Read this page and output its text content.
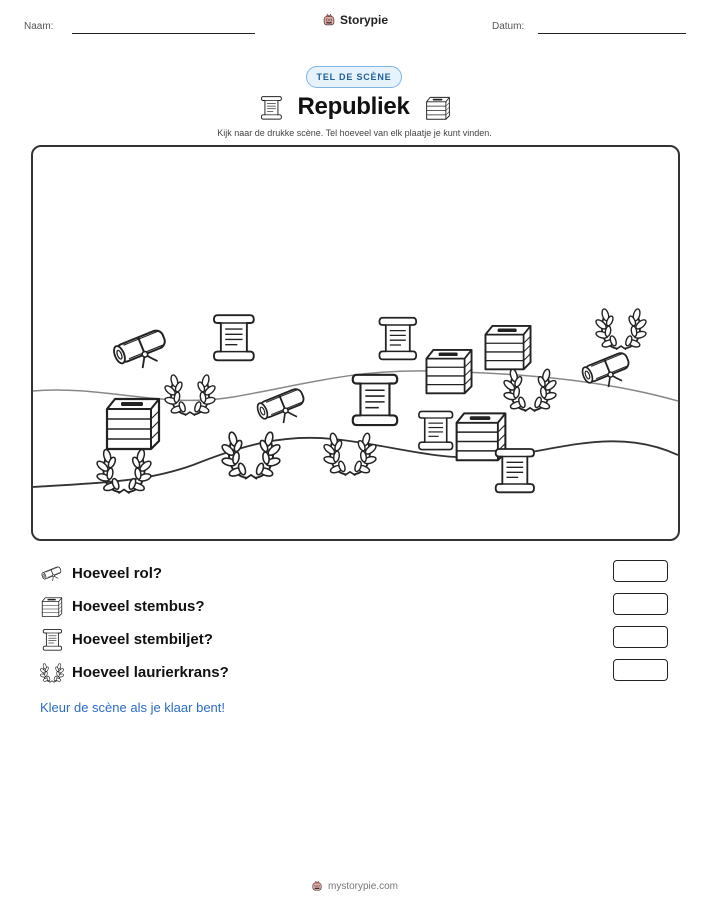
Naam:	Storypie	Datum:
TEL DE SCÈNE
Republiek
Kijk naar de drukke scène. Tel hoeveel van elk plaatje je kunt vinden.
Hoeveel rol?
Hoeveel stembus?
Hoeveel stembiljet?
Hoeveel laurierkrans?
Kleur de scène als je klaar bent!
mystorypie.com
